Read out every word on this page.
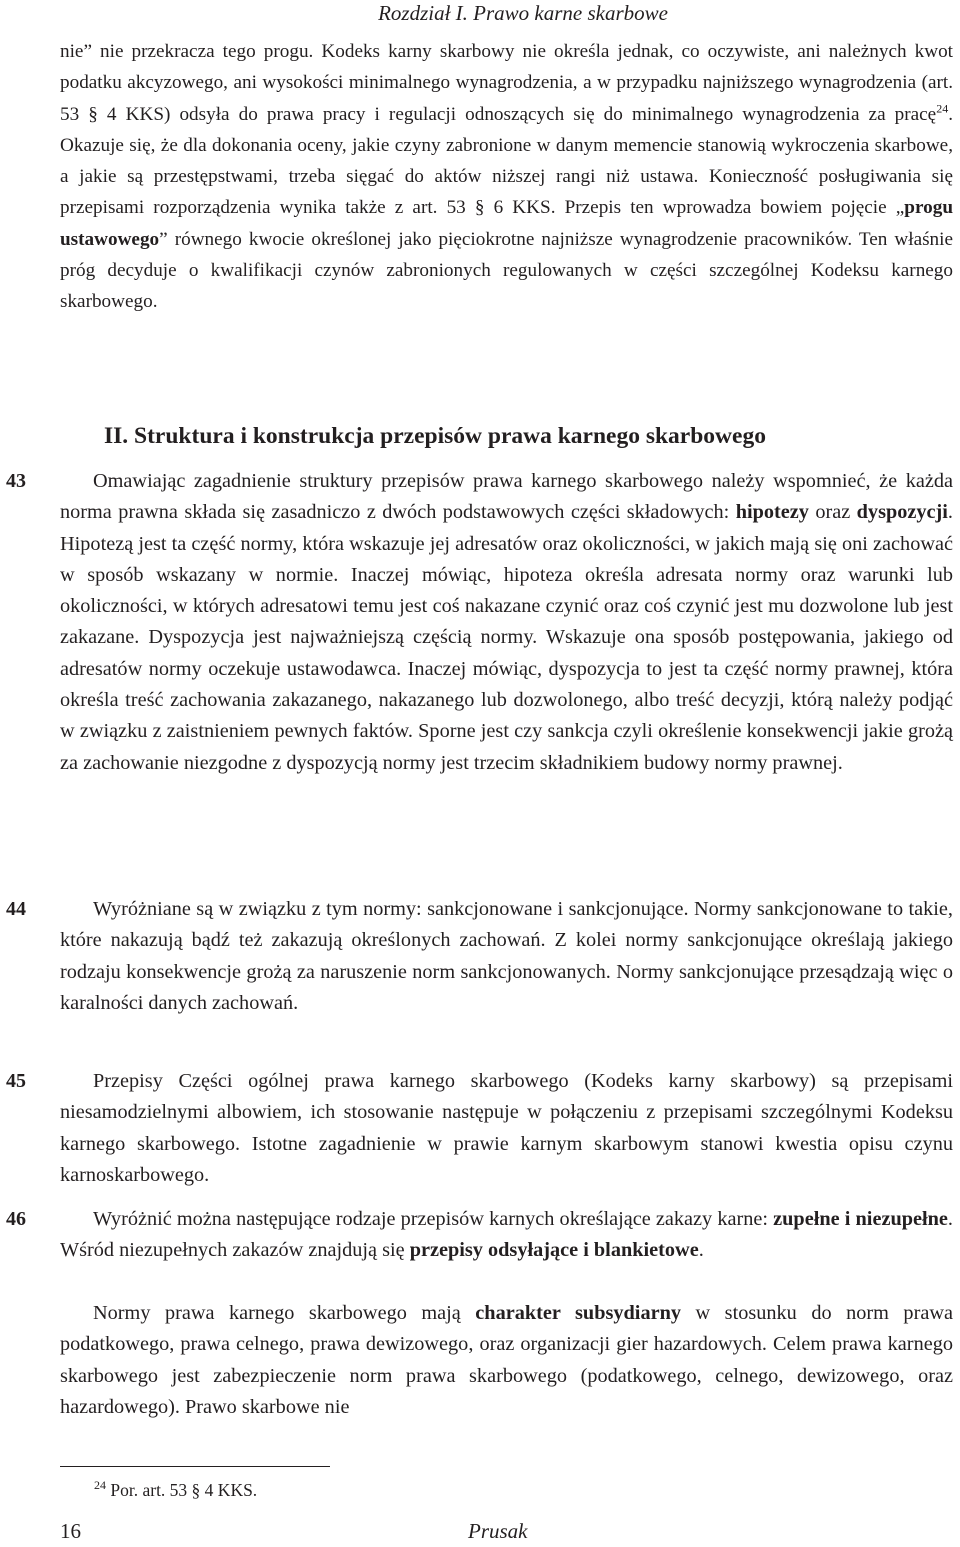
Rozdział I. Prawo karne skarbowe

nie” nie przekracza tego progu. Kodeks karny skarbowy nie określa jednak, co oczywiste, ani należnych kwot podatku akcyzowego, ani wysokości minimalnego wynagrodzenia, a w przypadku najniższego wynagrodzenia (art. 53 § 4 KKS) odsyła do prawa pracy i regulacji odnoszących się do minimalnego wynagrodzenia za pracę$^{24}$. Okazuje się, że dla dokonania oceny, jakie czyny zabronione w danym memencie stanowią wykroczenia skarbowe, a jakie są przestępstwami, trzeba sięgać do aktów niższej rangi niż ustawa. Konieczność posługiwania się przepisami rozporządzenia wynika także z art. 53 § 6 KKS. Przepis ten wprowadza bowiem pojęcie „progu ustawowego” równego kwocie określonej jako pięciokrotne najniższe wynagrodzenie pracowników. Ten właśnie próg decyduje o kwalifikacji czynów zabronionych regulowanych w części szczególnej Kodeksu karnego skarbowego.

II. Struktura i konstrukcja przepisów prawa karnego skarbowego
43	Omawiając zagadnienie struktury przepisów prawa karnego skarbowego należy wspomnieć, że każda norma prawna składa się zasadniczo z dwóch podstawowych części składowych: hipotezy oraz dyspozycji. Hipotezą jest ta część normy, która wskazuje jej adresatów oraz okoliczności, w jakich mają się oni zachować w sposób wskazany w normie. Inaczej mówiąc, hipoteza określa adresata normy oraz warunki lub okoliczności, w których adresatowi temu jest coś nakazane czynić oraz coś czynić jest mu dozwolone lub jest zakazane. Dyspozycja jest najważniejszą częścią normy. Wskazuje ona sposób postępowania, jakiego od adresatów normy oczekuje ustawodawca. Inaczej mówiąc, dyspozycja to jest ta część normy prawnej, która określa treść zachowania zakazanego, nakazanego lub dozwolonego, albo treść decyzji, którą należy podjąć w związku z zaistnieniem pewnych faktów. Sporne jest czy sankcja czyli określenie konsekwencji jakie grożą za zachowanie niezgodne z dyspozycją normy jest trzecim składnikiem budowy normy prawnej.

44	Wyróżniane są w związku z tym normy: sankcjonowane i sankcjonujące. Normy sankcjonowane to takie, które nakazują bądź też zakazują określonych zachowań. Z kolei normy sankcjonujące określają jakiego rodzaju konsekwencje grożą za naruszenie norm sankcjonowanych. Normy sankcjonujące przesądzają więc o karalności danych zachowań.

45	Przepisy Części ogólnej prawa karnego skarbowego (Kodeks karny skarbowy) są przepisami niesamodzielnymi albowiem, ich stosowanie następuje w połączeniu z przepisami szczególnymi Kodeksu karnego skarbowego. Istotne zagadnienie w prawie karnym skarbowym stanowi kwestia opisu czynu karnoskarbowego.

46	Wyróżnić można następujące rodzaje przepisów karnych określające zakazy karne: zupełne i niezupełne. Wśród niezupełnych zakazów znajdują się przepisy odsyłające i blankietowe.

Normy prawa karnego skarbowego mają charakter subsydiarny w stosunku do norm prawa podatkowego, prawa celnego, prawa dewizowego, oraz organizacji gier hazardowych. Celem prawa karnego skarbowego jest zabezpieczenie norm prawa skarbowego (podatkowego, celnego, dewizowego, oraz hazardowego). Prawo skarbowe nie

$^{24}$ Por. art. 53 § 4 KKS.
16	Prusak
